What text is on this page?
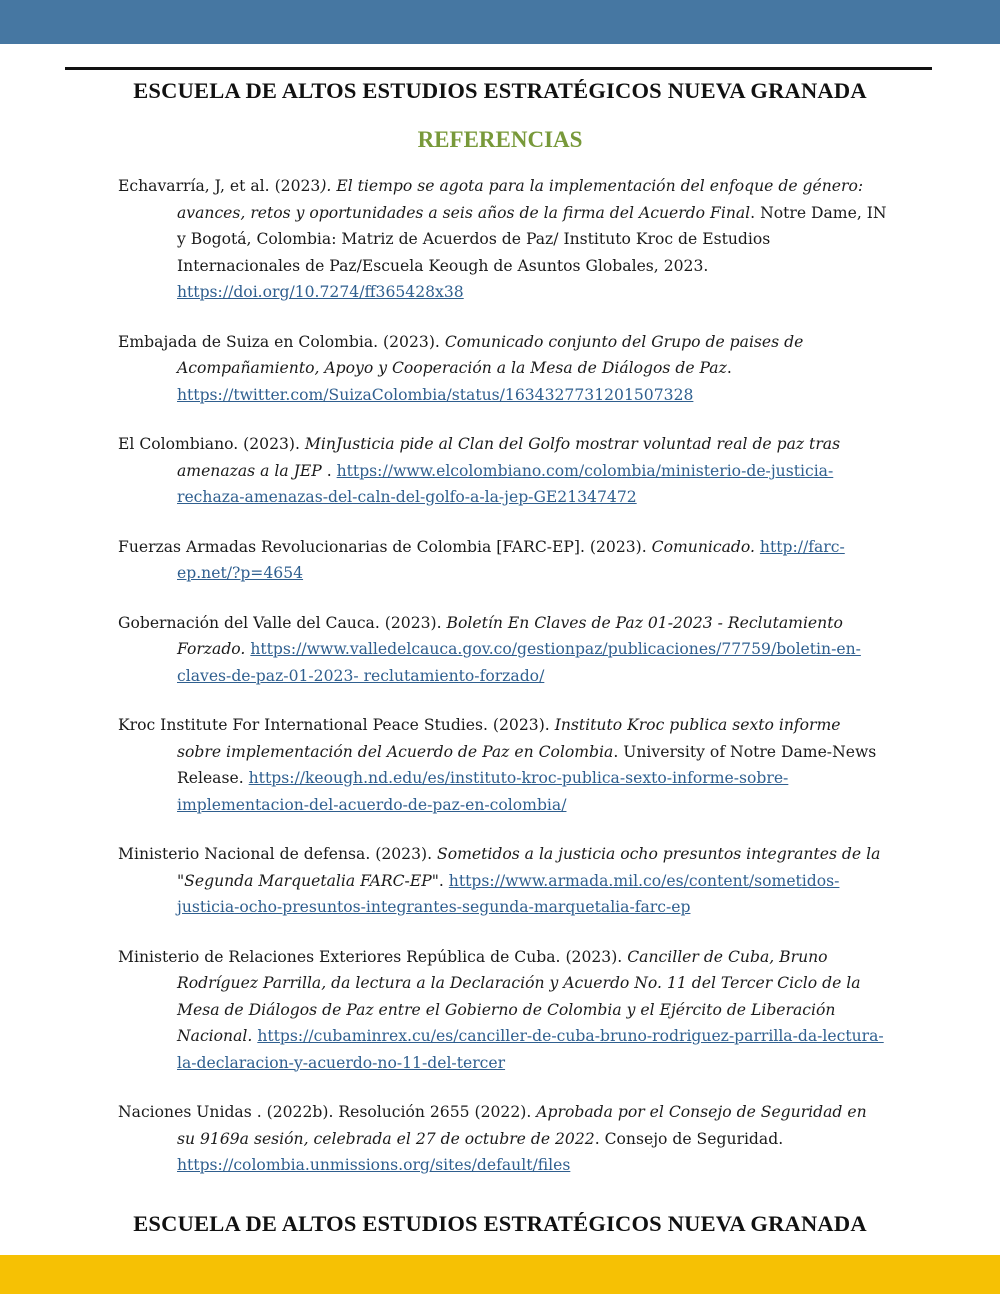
ESCUELA DE ALTOS ESTUDIOS ESTRATÉGICOS NUEVA GRANADA
REFERENCIAS

Echavarría, J, et al. (2023). El tiempo se agota para la implementación del enfoque de género: avances, retos y oportunidades a seis años de la firma del Acuerdo Final. Notre Dame, IN y Bogotá, Colombia: Matriz de Acuerdos de Paz/ Instituto Kroc de Estudios Internacionales de Paz/Escuela Keough de Asuntos Globales, 2023. https://doi.org/10.7274/ff365428x38

Embajada de Suiza en Colombia. (2023). Comunicado conjunto del Grupo de paises de Acompañamiento, Apoyo y Cooperación a la Mesa de Diálogos de Paz. https://twitter.com/SuizaColombia/status/1634327731201507328

El Colombiano. (2023). MinJusticia pide al Clan del Golfo mostrar voluntad real de paz tras amenazas a la JEP . https://www.elcolombiano.com/colombia/ministerio-de-justicia-rechaza-amenazas-del-caln-del-golfo-a-la-jep-GE21347472

Fuerzas Armadas Revolucionarias de Colombia [FARC-EP]. (2023). Comunicado. http://farc-ep.net/?p=4654

Gobernación del Valle del Cauca. (2023). Boletín En Claves de Paz 01-2023 - Reclutamiento Forzado. https://www.valledelcauca.gov.co/gestionpaz/publicaciones/77759/boletin-en-claves-de-paz-01-2023- reclutamiento-forzado/

Kroc Institute For International Peace Studies. (2023). Instituto Kroc publica sexto informe sobre implementación del Acuerdo de Paz en Colombia. University of Notre Dame-News Release. https://keough.nd.edu/es/instituto-kroc-publica-sexto-informe-sobre-implementacion-del-acuerdo-de-paz-en-colombia/

Ministerio Nacional de defensa. (2023). Sometidos a la justicia ocho presuntos integrantes de la "Segunda Marquetalia FARC-EP". https://www.armada.mil.co/es/content/sometidos-justicia-ocho-presuntos-integrantes-segunda-marquetalia-farc-ep

Ministerio de Relaciones Exteriores República de Cuba. (2023). Canciller de Cuba, Bruno Rodríguez Parrilla, da lectura a la Declaración y Acuerdo No. 11 del Tercer Ciclo de la Mesa de Diálogos de Paz entre el Gobierno de Colombia y el Ejército de Liberación Nacional. https://cubaminrex.cu/es/canciller-de-cuba-bruno-rodriguez-parrilla-da-lectura-la-declaracion-y-acuerdo-no-11-del-tercer

Naciones Unidas . (2022b). Resolución 2655 (2022). Aprobada por el Consejo de Seguridad en su 9169a sesión, celebrada el 27 de octubre de 2022. Consejo de Seguridad. https://colombia.unmissions.org/sites/default/files

ESCUELA DE ALTOS ESTUDIOS ESTRATÉGICOS NUEVA GRANADA
